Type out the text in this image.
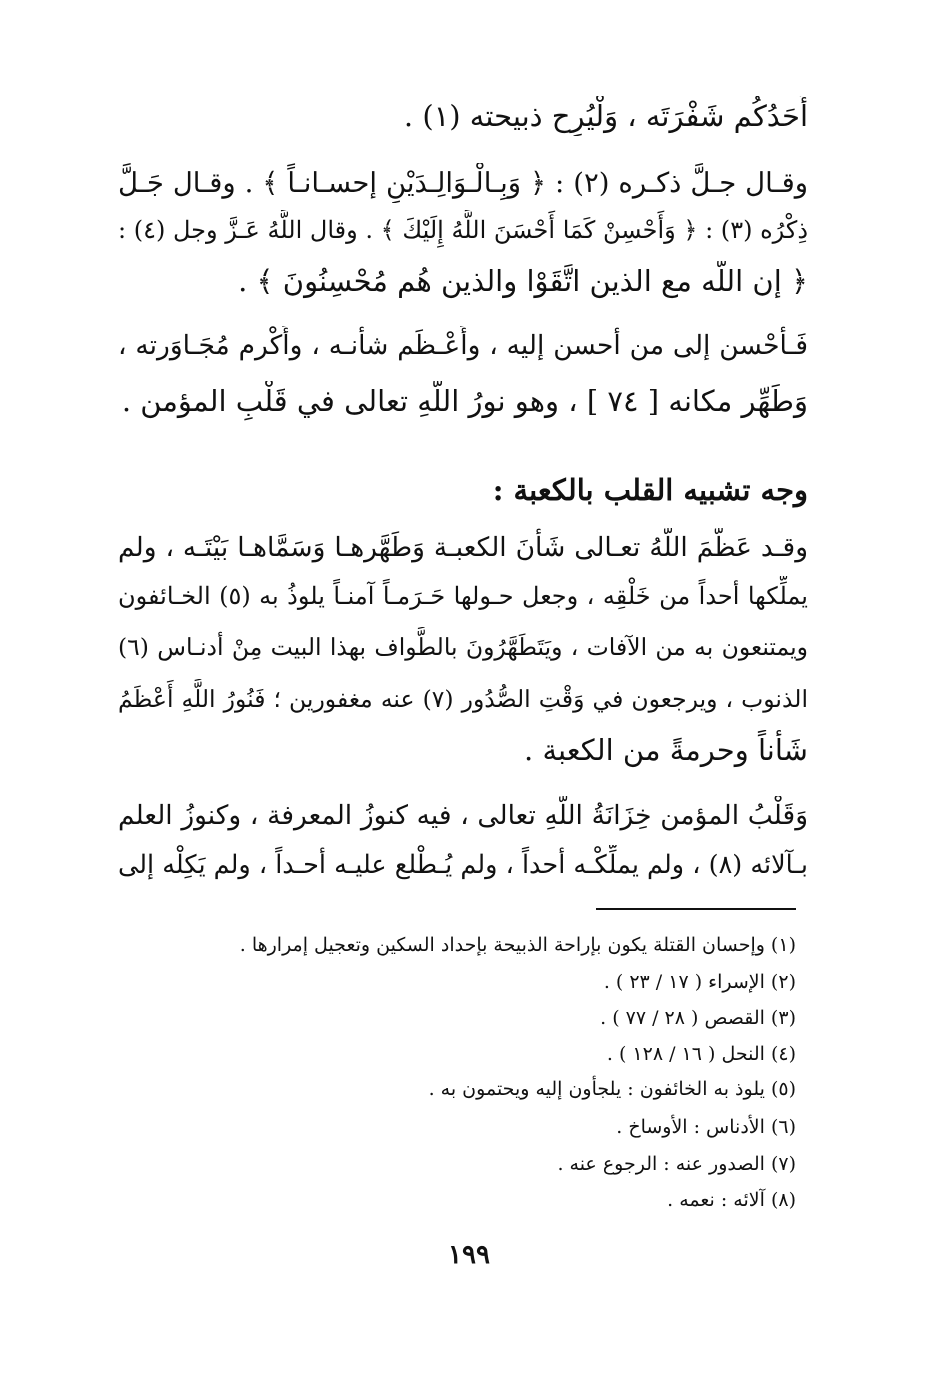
أَحَدُكُم شَفْرَتَه ، وَلْيُرِح ذبيحته (١) .
وقـال جـلَّ ذكـره (٢) : ﴿ وَبِـالْـوَالِـدَيْنِ إحسـانـاً ﴾ . وقـال جَـلَّ
ذِكْرُه (٣) : ﴿ وَأَحْسِنْ كَمَا أَحْسَنَ اللَّهُ إِلَيْكَ ﴾ . وقال اللَّهُ عَـزَّ وجل (٤) :
﴿ إن اللَّه مع الذين اتَّقَوْا والذين هُم مُحْسِنُونَ ﴾ .
فَـأَحْسن إلى من أحسن إليه ، وأَعْـظَم شأنـه ، وأَكْرم مُجَـاوَرته ،
وَطَهِّر مكانه [ ٧٤ ] ، وهو نورُ اللَّهِ تعالى في قَلْبِ المؤمن .
وجه تشبيه القلب بالكعبة :
وقـد عَظَّمَ اللَّهُ تعـالى شَأْنَ الكعبـة وَطَهَّرهـا وَسَمَّاهـا بَيْتَـه ، ولم
يملِّكها أحداً من خَلْقِه ، وجعل حـولها حَـرَمـاً آمنـاً يلوذُ به (٥) الخـائفون
ويمتنعون به من الآفات ، ويَتَطَهَّرُونَ بالطَّواف بهذا البيت مِنْ أدنـاس (٦)
الذنوب ، ويرجعون في وَقْتِ الصُّدُور (٧) عنه مغفورين ؛ فَنُورُ اللَّهِ أَعْظَمُ
شَأْناً وحرمةً من الكعبة .
وَقَلْبُ المؤمن خِزَانَةُ اللَّهِ تعالى ، فيه كنوزُ المعرفة ، وكنوزُ العلم
بـآلائه (٨) ، ولم يملِّكْـه أحداً ، ولم يُـطْلع عليـه أحـداً ، ولم يَكِلْه إلى
(١) وإحسان القتلة يكون بإراحة الذبيحة بإحداد السكين وتعجيل إمرارها .
(٢) الإسراء ( ١٧ / ٢٣ ) .
(٣) القصص ( ٢٨ / ٧٧ ) .
(٤) النحل ( ١٦ / ١٢٨ ) .
(٥) يلوذ به الخائفون : يلجأون إليه ويحتمون به .
(٦) الأدناس : الأوساخ .
(٧) الصدور عنه : الرجوع عنه .
(٨) آلائه : نعمه .
١٩٩
